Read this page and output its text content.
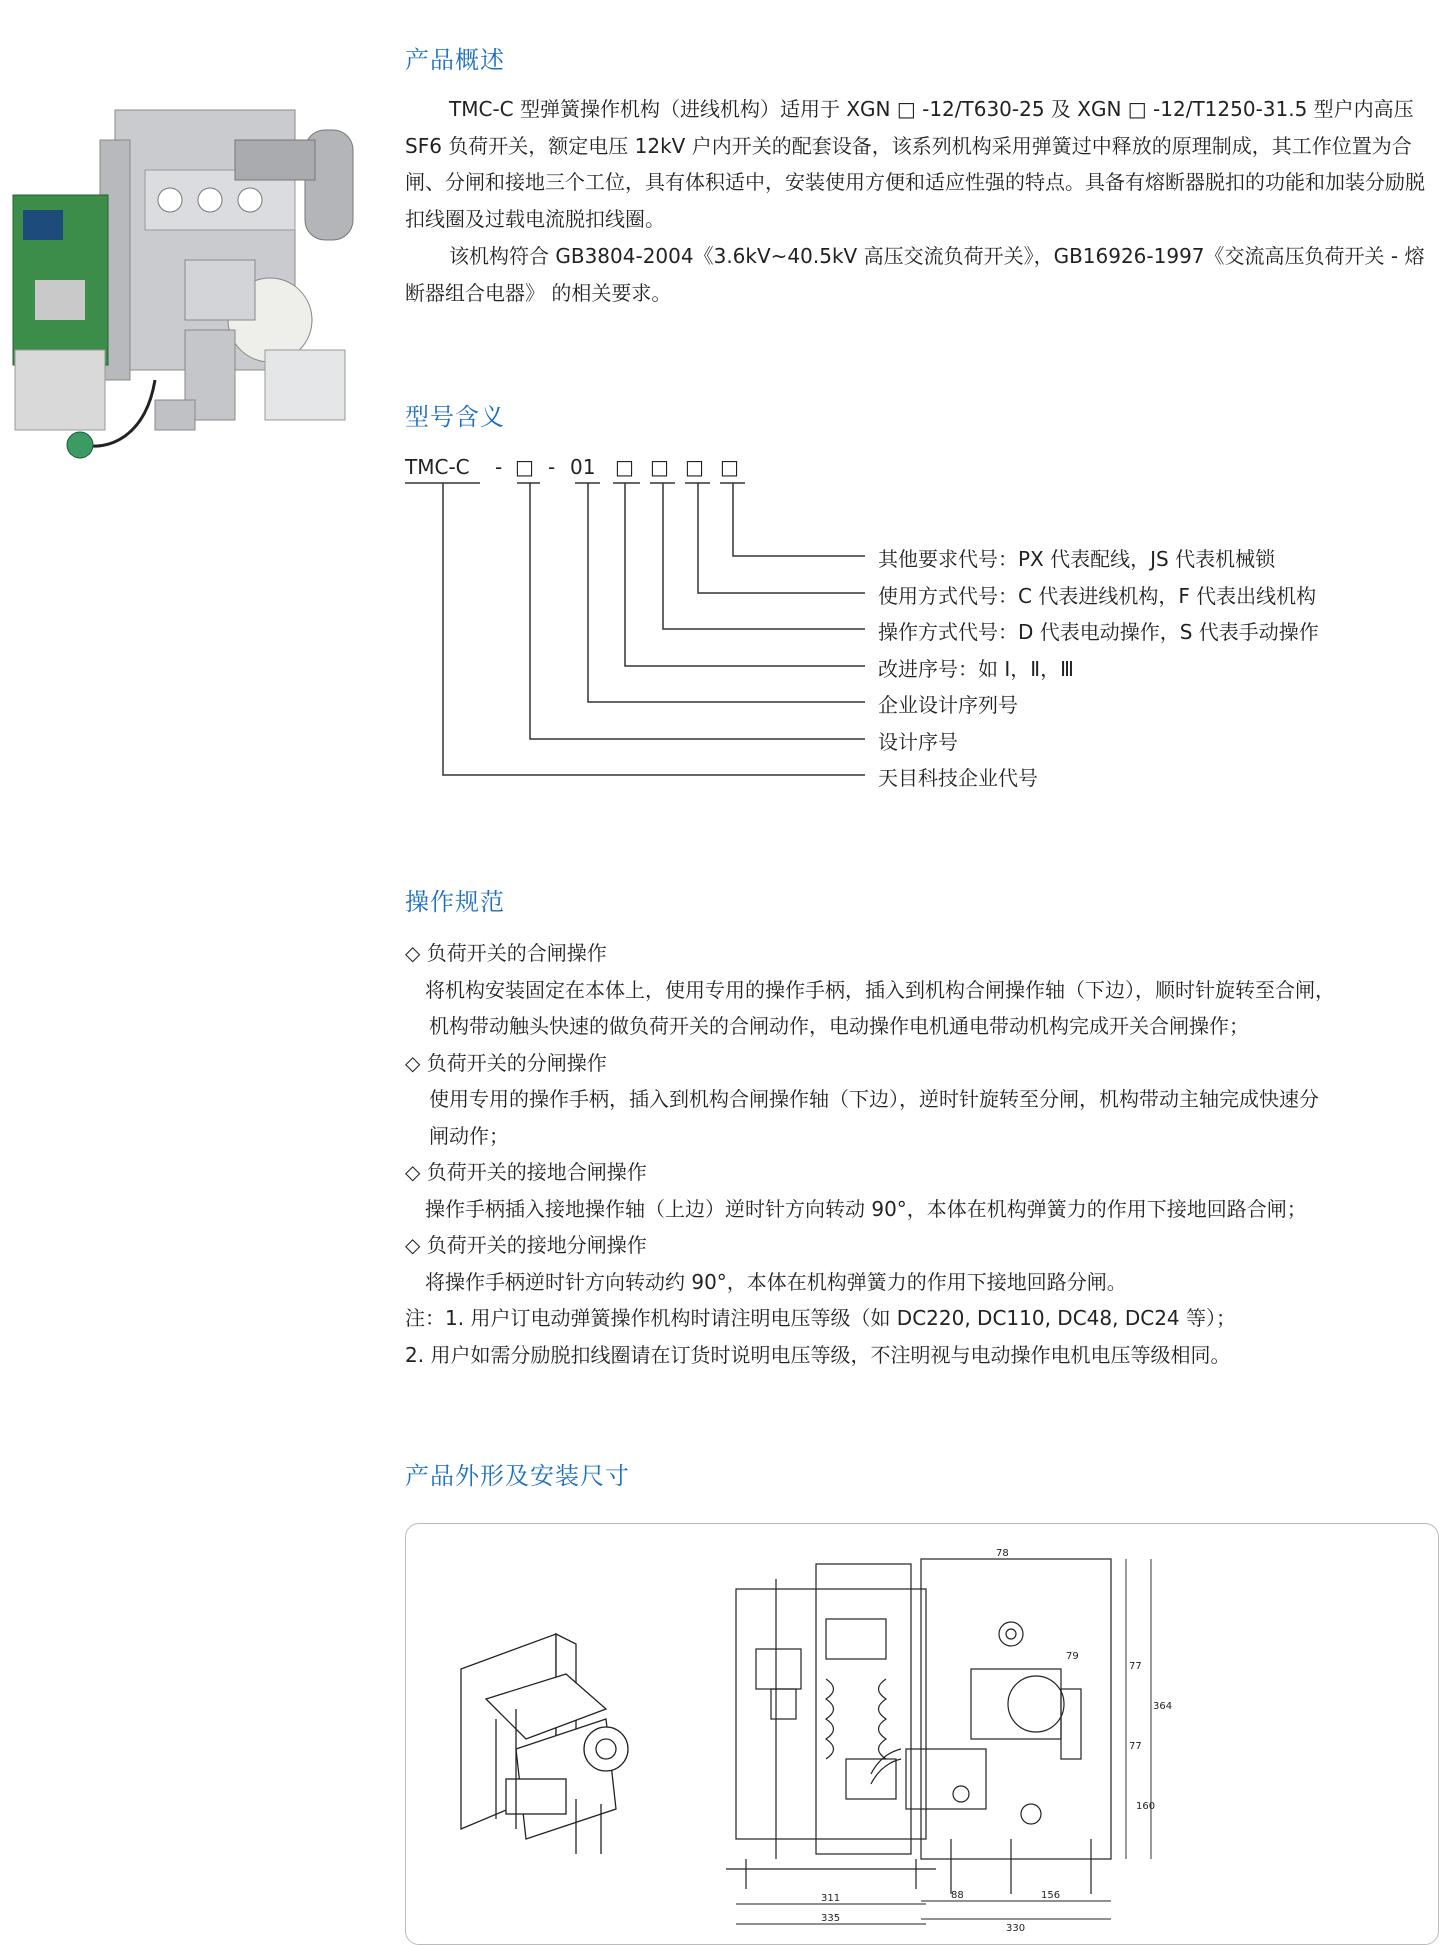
产品概述
TMC-C 型弹簧操作机构（进线机构）适用于 XGN □ -12/T630-25 及 XGN □ -12/T1250-31.5 型户内高压 SF6 负荷开关，额定电压 12kV 户内开关的配套设备，该系列机构采用弹簧过中释放的原理制成，其工作位置为合闸、分闸和接地三个工位，具有体积适中，安装使用方便和适应性强的特点。具备有熔断器脱扣的功能和加装分励脱扣线圈及过载电流脱扣线圈。
该机构符合 GB3804-2004《3.6kV~40.5kV 高压交流负荷开关》，GB16926-1997《交流高压负荷开关 - 熔断器组合电器》 的相关要求。
型号含义
TMC-C - □ - 01 □ □ □ □
其他要求代号：PX 代表配线，JS 代表机械锁
使用方式代号：C 代表进线机构，F 代表出线机构
操作方式代号：D 代表电动操作，S 代表手动操作
改进序号：如 Ⅰ，Ⅱ，Ⅲ
企业设计序列号
设计序号
天目科技企业代号
操作规范
◇ 负荷开关的合闸操作
将机构安装固定在本体上，使用专用的操作手柄，插入到机构合闸操作轴（下边），顺时针旋转至合闸，
机构带动触头快速的做负荷开关的合闸动作，电动操作电机通电带动机构完成开关合闸操作；
◇ 负荷开关的分闸操作
使用专用的操作手柄，插入到机构合闸操作轴（下边），逆时针旋转至分闸，机构带动主轴完成快速分
闸动作；
◇ 负荷开关的接地合闸操作
操作手柄插入接地操作轴（上边）逆时针方向转动 90°，本体在机构弹簧力的作用下接地回路合闸；
◇ 负荷开关的接地分闸操作
将操作手柄逆时针方向转动约 90°，本体在机构弹簧力的作用下接地回路分闸。
注：1. 用户订电动弹簧操作机构时请注明电压等级（如 DC220, DC110, DC48, DC24 等）；
2. 用户如需分励脱扣线圈请在订货时说明电压等级，不注明视与电动操作电机电压等级相同。
产品外形及安装尺寸
311
335
88	156
330
77
77
160
364
78
79
